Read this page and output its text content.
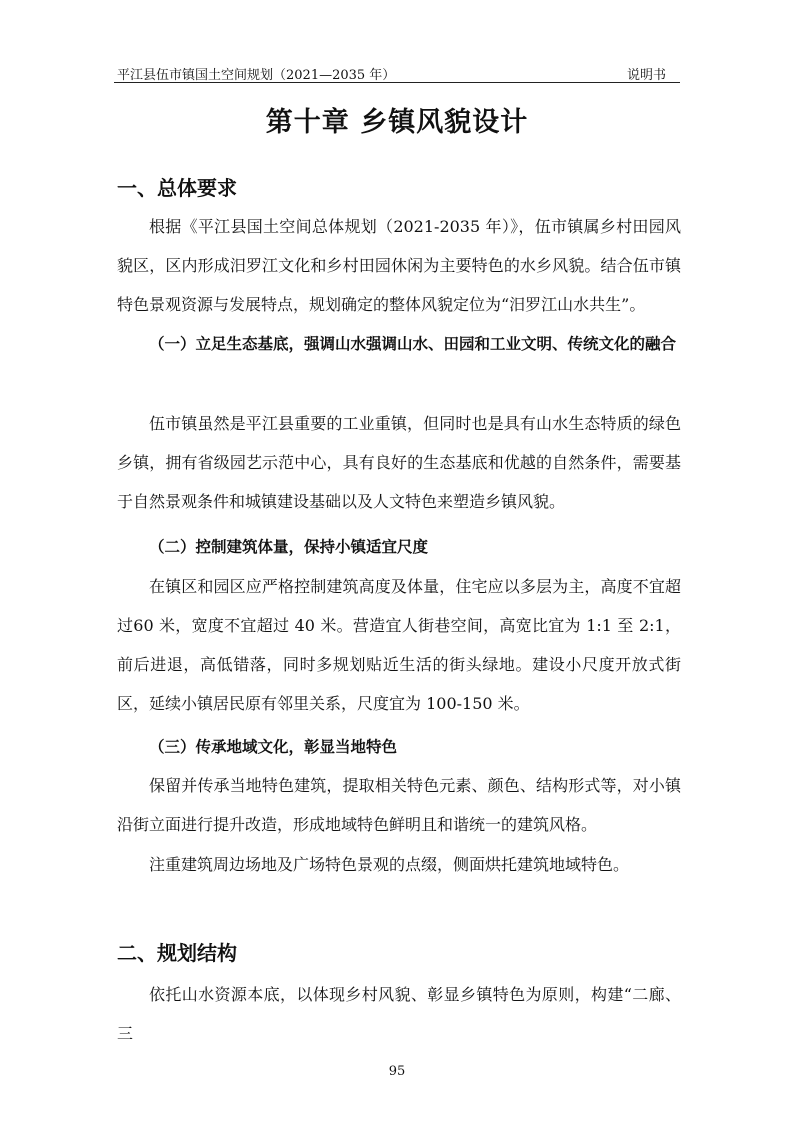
平江县伍市镇国土空间规划（2021—2035 年）	说明书
第十章 乡镇风貌设计
一、总体要求

根据《平江县国土空间总体规划（2021-2035 年）》，伍市镇属乡村田园风貌区，区内形成汨罗江文化和乡村田园休闲为主要特色的水乡风貌。结合伍市镇特色景观资源与发展特点，规划确定的整体风貌定位为“汨罗江山水共生”。

（一）立足生态基底，强调山水强调山水、田园和工业文明、传统文化的融合

伍市镇虽然是平江县重要的工业重镇，但同时也是具有山水生态特质的绿色乡镇，拥有省级园艺示范中心，具有良好的生态基底和优越的自然条件，需要基于自然景观条件和城镇建设基础以及人文特色来塑造乡镇风貌。

（二）控制建筑体量，保持小镇适宜尺度

在镇区和园区应严格控制建筑高度及体量，住宅应以多层为主，高度不宜超过60 米，宽度不宜超过 40 米。营造宜人街巷空间，高宽比宜为 1:1 至 2:1，前后进退，高低错落，同时多规划贴近生活的街头绿地。建设小尺度开放式街区，延续小镇居民原有邻里关系，尺度宜为 100-150 米。

（三）传承地域文化，彰显当地特色

保留并传承当地特色建筑，提取相关特色元素、颜色、结构形式等，对小镇沿街立面进行提升改造，形成地域特色鲜明且和谐统一的建筑风格。

注重建筑周边场地及广场特色景观的点缀，侧面烘托建筑地域特色。

二、规划结构

依托山水资源本底，以体现乡村风貌、彰显乡镇特色为原则，构建“二廊、三

95
